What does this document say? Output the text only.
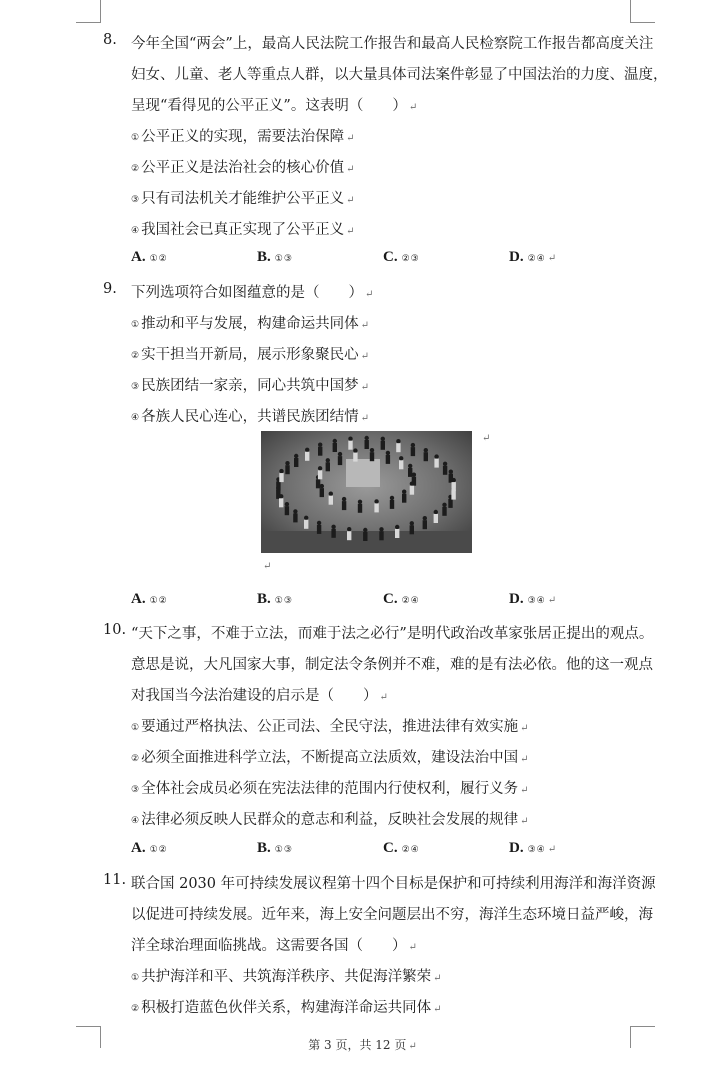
8. 今年全国“两会”上，最高人民法院工作报告和最高人民检察院工作报告都高度关注
妇女、儿童、老人等重点人群，以大量具体司法案件彰显了中国法治的力度、温度，
呈现“看得见的公平正义”。这表明（　　） ↵
① 公平正义的实现，需要法治保障 ↵
② 公平正义是法治社会的核心价值 ↵
③ 只有司法机关才能维护公平正义 ↵
④ 我国社会已真正实现了公平正义 ↵
A. ①②	B. ①③	C. ②③	D. ②④ ↵
9. 下列选项符合如图蕴意的是（　　） ↵
① 推动和平与发展，构建命运共同体 ↵
② 实干担当开新局，展示形象聚民心 ↵
③ 民族团结一家亲，同心共筑中国梦 ↵
④ 各族人民心连心，共谱民族团结情 ↵
↵
↵
A. ①②	B. ①③	C. ②④	D. ③④ ↵
10. “天下之事，不难于立法，而难于法之必行”是明代政治改革家张居正提出的观点。
意思是说，大凡国家大事，制定法令条例并不难，难的是有法必依。他的这一观点
对我国当今法治建设的启示是（　　） ↵
① 要通过严格执法、公正司法、全民守法，推进法律有效实施 ↵
② 必须全面推进科学立法，不断提高立法质效，建设法治中国 ↵
③ 全体社会成员必须在宪法法律的范围内行使权利，履行义务 ↵
④ 法律必须反映人民群众的意志和利益，反映社会发展的规律 ↵
A. ①②	B. ①③	C. ②④	D. ③④ ↵
11. 联合国 2030 年可持续发展议程第十四个目标是保护和可持续利用海洋和海洋资源
以促进可持续发展。近年来，海上安全问题层出不穷，海洋生态环境日益严峻，海
洋全球治理面临挑战。这需要各国（　　） ↵
① 共护海洋和平、共筑海洋秩序、共促海洋繁荣 ↵
② 积极打造蓝色伙伴关系，构建海洋命运共同体 ↵
第 3 页，共 12 页 ↵
